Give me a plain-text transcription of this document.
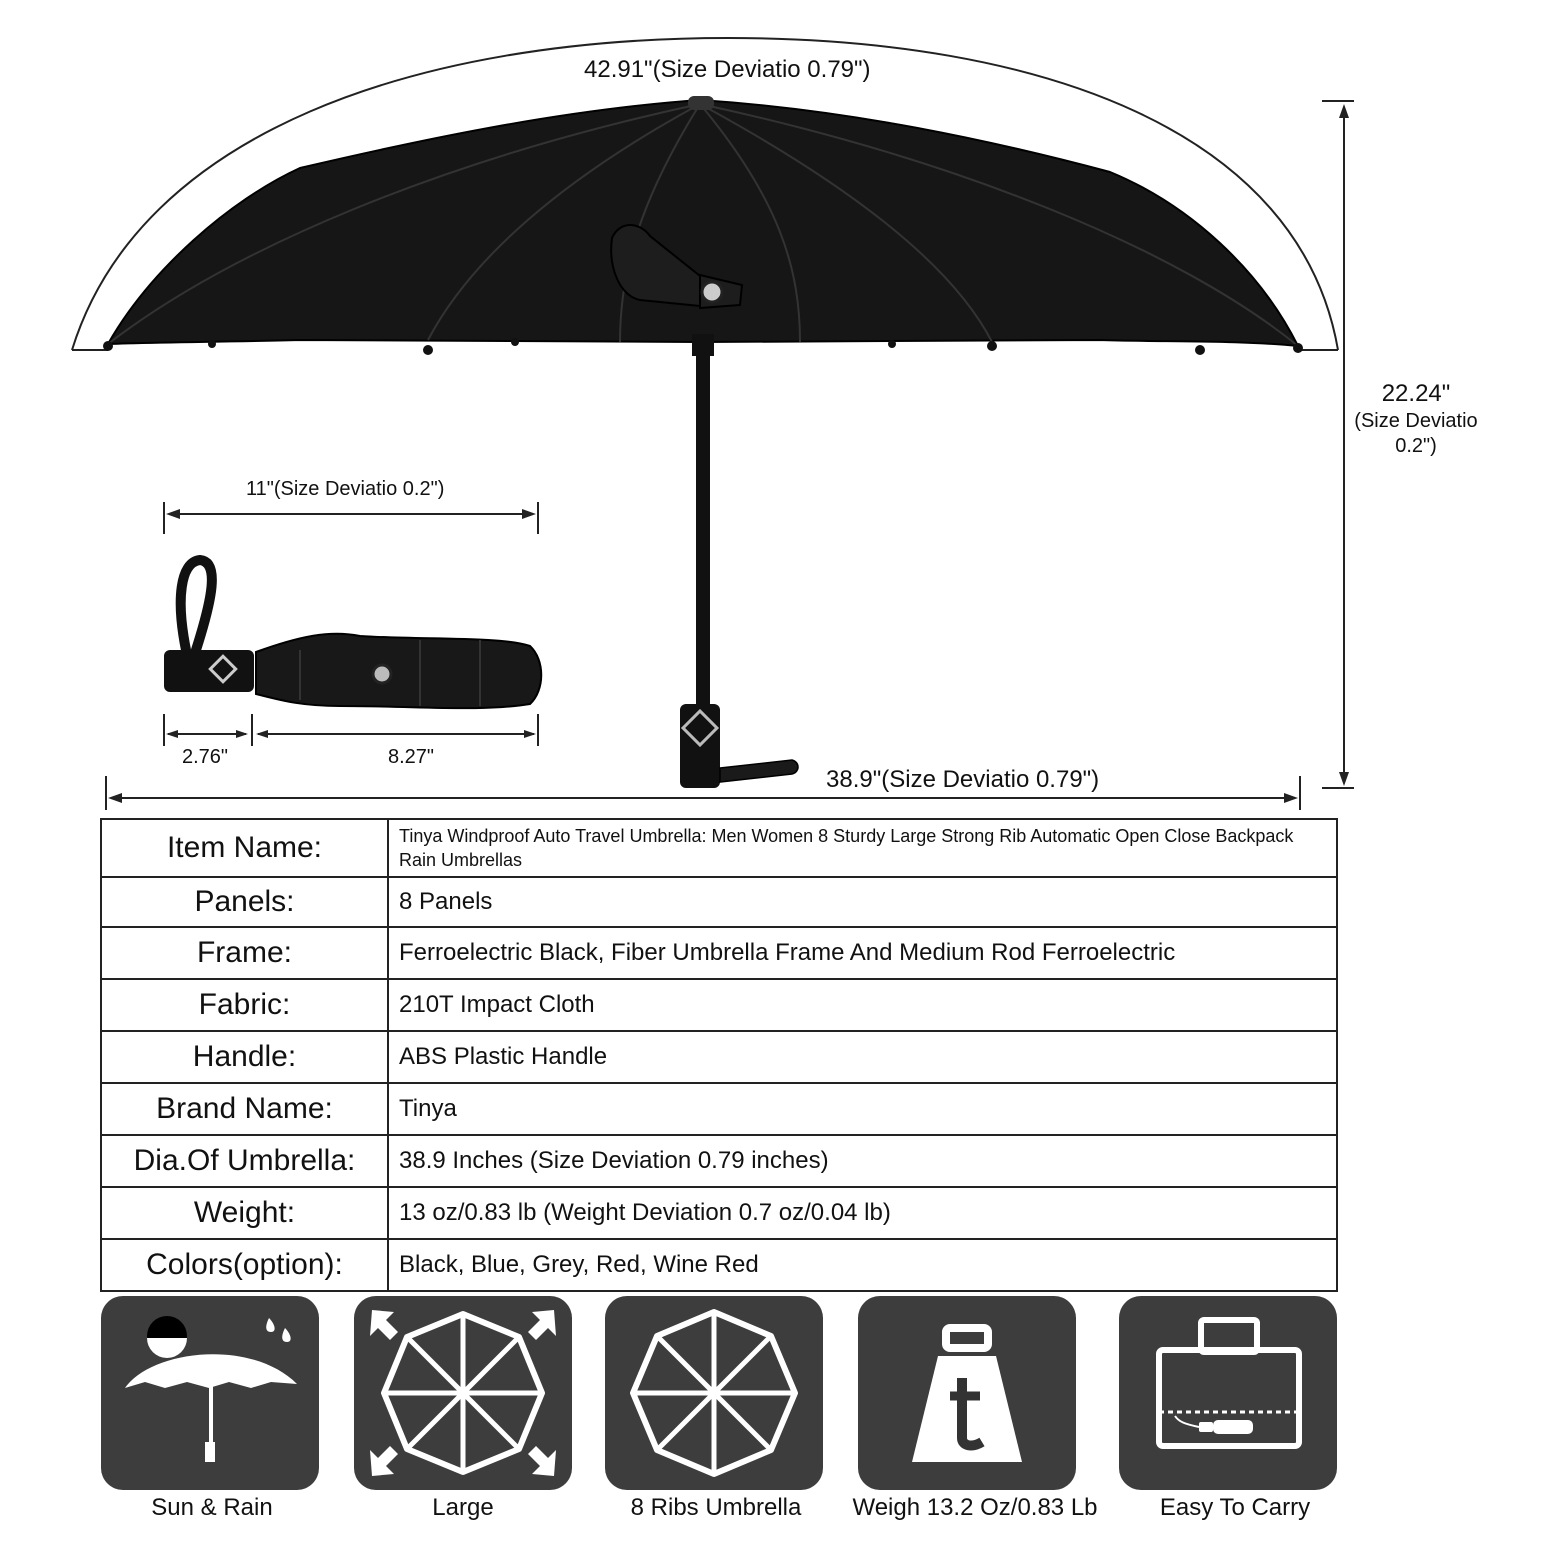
42.91"(Size Deviatio 0.79")
22.24"
(Size Deviatio
0.2")
11"(Size Deviatio 0.2")
2.76"	8.27"
38.9"(Size Deviatio 0.79")
Item Name:	Tinya Windproof Auto Travel Umbrella: Men Women 8 Sturdy Large Strong Rib Automatic Open Close Backpack Rain Umbrellas
Panels:	8 Panels
Frame:	Ferroelectric Black, Fiber Umbrella Frame And Medium Rod Ferroelectric
Fabric:	210T Impact Cloth
Handle:	ABS Plastic Handle
Brand Name:	Tinya
Dia.Of Umbrella:	38.9 Inches (Size Deviation 0.79 inches)
Weight:	13 oz/0.83 lb (Weight Deviation 0.7 oz/0.04 lb)
Colors(option):	Black, Blue, Grey, Red, Wine Red
Sun & Rain	Large	8 Ribs Umbrella	Weigh 13.2 Oz/0.83 Lb	Easy To Carry
